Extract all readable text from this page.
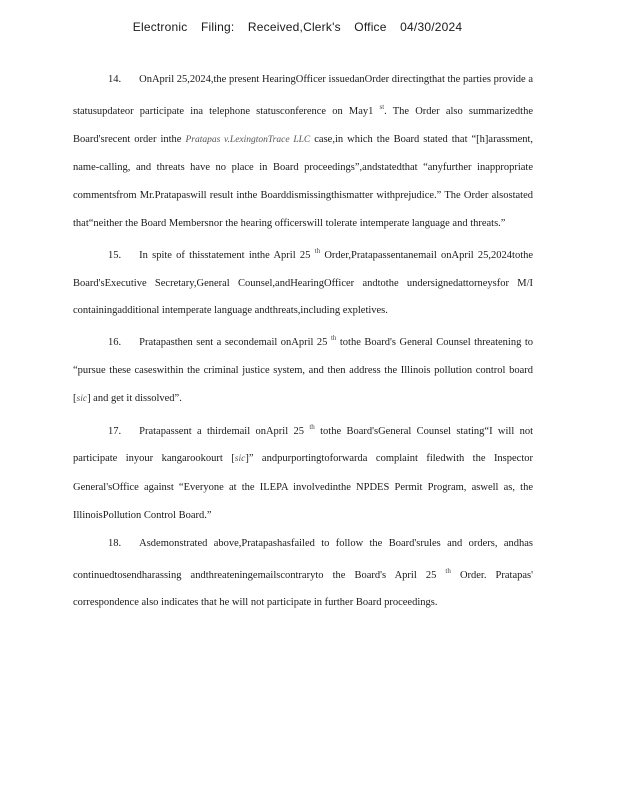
Electronic Filing: Received,Clerk's Office 04/30/2024

14. OnApril 25,2024,the present HearingOfficer issuedanOrder directingthat the parties provide a statusupdateor participate ina telephone statusconference on May1 $^{st}$. The Order also summarizedthe Board'srecent order inthe Pratapas v.LexingtonTrace LLC case,in which the Board stated that “[h]arassment, name-calling, and threats have no place in Board proceedings”,andstatedthat “anyfurther inappropriate commentsfrom Mr.Pratapaswill result inthe Boarddismissingthismatter withprejudice.” The Order alsostated that“neither the Board Membersnor the hearing officerswill tolerate intemperate language and threats.”

15. In spite of thisstatement inthe April 25 $^{th}$ Order,Pratapassentanemail onApril 25,2024tothe Board'sExecutive Secretary,General Counsel,andHearingOfficer andtothe undersignedattorneysfor M/I containingadditional intemperate language andthreats,including expletives.

16. Pratapasthen sent a secondemail onApril 25 $^{th}$ tothe Board's General Counsel threatening to “pursue these caseswithin the criminal justice system, and then address the Illinois pollution control board [sic] and get it dissolved”.

17. Pratapassent a thirdemail onApril 25 $^{th}$ tothe Board'sGeneral Counsel stating“I will not participate inyour kangarookourt [sic]” andpurportingtoforwarda complaint filedwith the Inspector General'sOffice against “Everyone at the ILEPA involvedinthe NPDES Permit Program, aswell as, the IllinoisPollution Control Board.”

18. Asdemonstrated above,Pratapashasfailed to follow the Board'srules and orders, andhas continuedtosendharassing andthreateningemailscontraryto the Board's April 25 $^{th}$ Order. Pratapas' correspondence also indicates that he will not participate in further Board proceedings.
